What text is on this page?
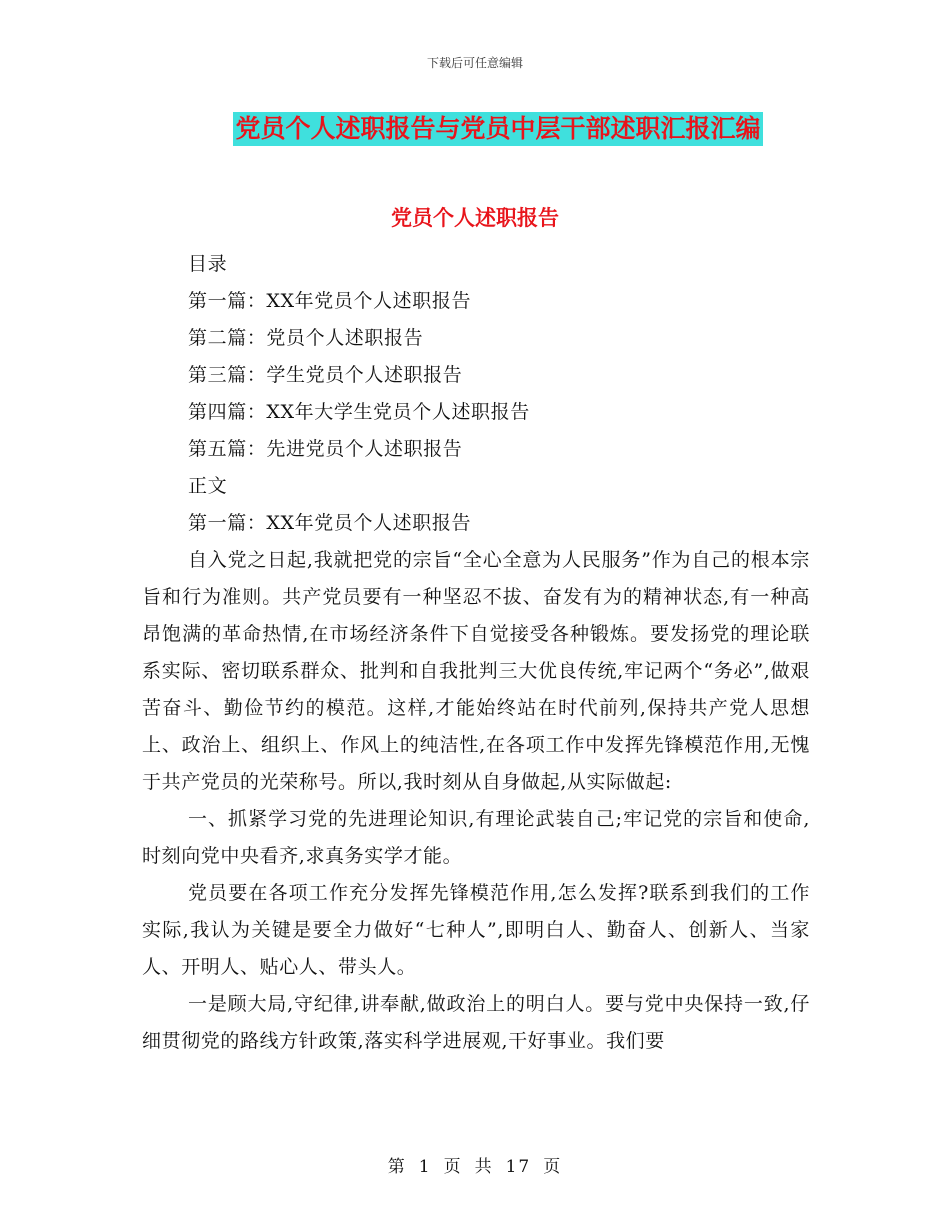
下载后可任意编辑
党员个人述职报告与党员中层干部述职汇报汇编
党员个人述职报告

目录

第一篇：XX年党员个人述职报告

第二篇：党员个人述职报告

第三篇：学生党员个人述职报告

第四篇：XX年大学生党员个人述职报告

第五篇：先进党员个人述职报告

正文

第一篇：XX年党员个人述职报告

自入党之日起,我就把党的宗旨“全心全意为人民服务”作为自己的根本宗旨和行为准则。共产党员要有一种坚忍不拔、奋发有为的精神状态,有一种高昂饱满的革命热情,在市场经济条件下自觉接受各种锻炼。要发扬党的理论联系实际、密切联系群众、批判和自我批判三大优良传统,牢记两个“务必”,做艰苦奋斗、勤俭节约的模范。这样,才能始终站在时代前列,保持共产党人思想上、政治上、组织上、作风上的纯洁性,在各项工作中发挥先锋模范作用,无愧于共产党员的光荣称号。所以,我时刻从自身做起,从实际做起:

一、抓紧学习党的先进理论知识,有理论武装自己;牢记党的宗旨和使命,时刻向党中央看齐,求真务实学才能。

党员要在各项工作充分发挥先锋模范作用,怎么发挥?联系到我们的工作实际,我认为关键是要全力做好“七种人”,即明白人、勤奋人、创新人、当家人、开明人、贴心人、带头人。

一是顾大局,守纪律,讲奉献,做政治上的明白人。要与党中央保持一致,仔细贯彻党的路线方针政策,落实科学进展观,干好事业。我们要

第 1 页 共 17 页
